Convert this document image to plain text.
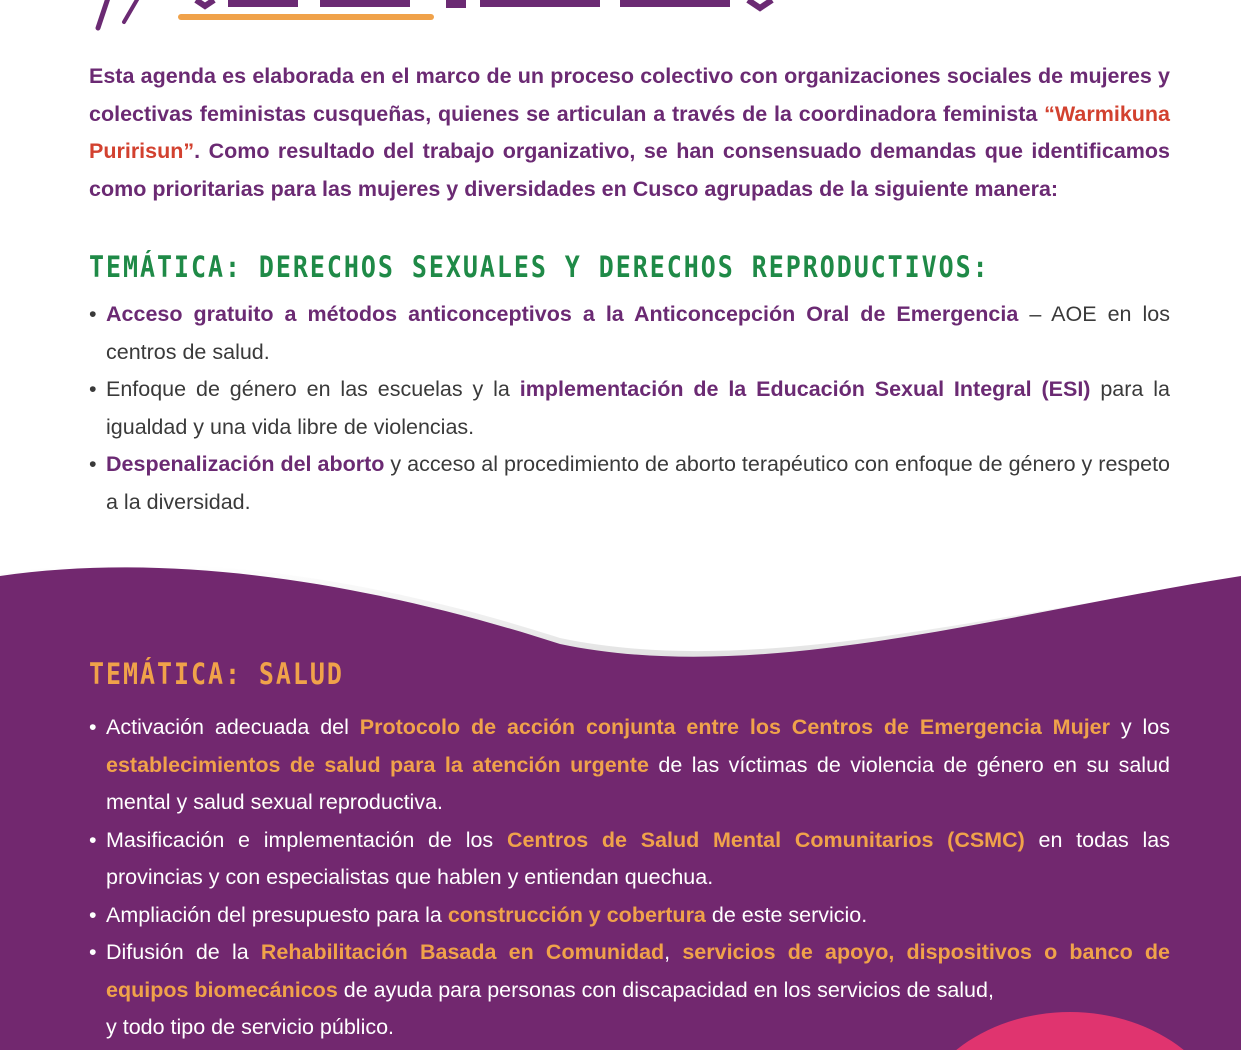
Esta agenda es elaborada en el marco de un proceso colectivo con organizaciones sociales de mujeres y colectivas feministas cusqueñas, quienes se articulan a través de la coordinadora feminista “Warmikuna Puririsun”. Como resultado del trabajo organizativo, se han consensuado demandas que identificamos como prioritarias para las mujeres y diversidades en Cusco agrupadas de la siguiente manera:

TEMÁTICA: DERECHOS SEXUALES Y DERECHOS REPRODUCTIVOS:
• Acceso gratuito a métodos anticonceptivos a la Anticoncepción Oral de Emergencia – AOE en los centros de salud.
• Enfoque de género en las escuelas y la implementación de la Educación Sexual Integral (ESI) para la igualdad y una vida libre de violencias.
• Despenalización del aborto y acceso al procedimiento de aborto terapéutico con enfoque de género y respeto a la diversidad.
TEMÁTICA: SALUD
• Activación adecuada del Protocolo de acción conjunta entre los Centros de Emergencia Mujer y los establecimientos de salud para la atención urgente de las víctimas de violencia de género en su salud mental y salud sexual reproductiva.
• Masificación e implementación de los Centros de Salud Mental Comunitarios (CSMC) en todas las provincias y con especialistas que hablen y entiendan quechua.
• Ampliación del presupuesto para la construcción y cobertura de este servicio.
• Difusión de la Rehabilitación Basada en Comunidad, servicios de apoyo, dispositivos o banco de equipos biomecánicos de ayuda para personas con discapacidad en los servicios de salud,
y todo tipo de servicio público.
